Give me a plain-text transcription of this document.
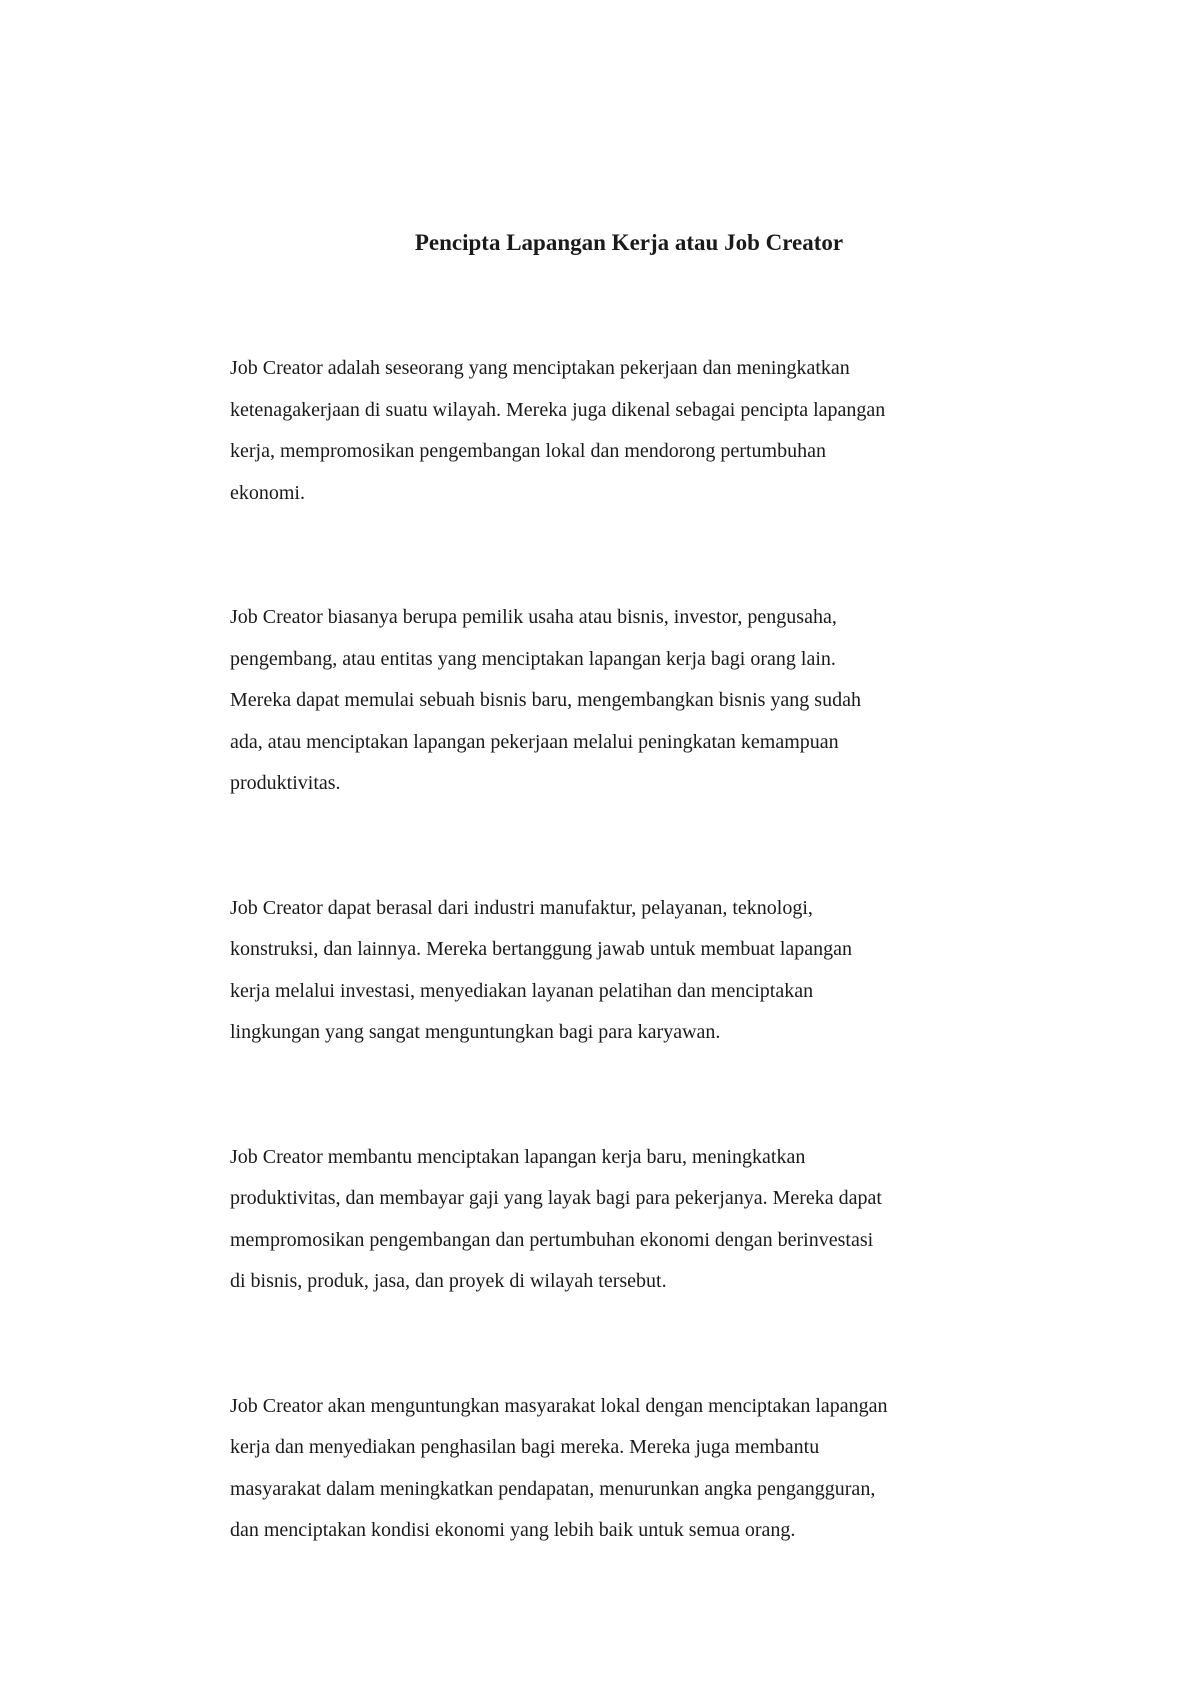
Pencipta Lapangan Kerja atau Job Creator

Job Creator adalah seseorang yang menciptakan pekerjaan dan meningkatkan
ketenagakerjaan di suatu wilayah. Mereka juga dikenal sebagai pencipta lapangan
kerja, mempromosikan pengembangan lokal dan mendorong pertumbuhan
ekonomi.

Job Creator biasanya berupa pemilik usaha atau bisnis, investor, pengusaha,
pengembang, atau entitas yang menciptakan lapangan kerja bagi orang lain.
Mereka dapat memulai sebuah bisnis baru, mengembangkan bisnis yang sudah
ada, atau menciptakan lapangan pekerjaan melalui peningkatan kemampuan
produktivitas.

Job Creator dapat berasal dari industri manufaktur, pelayanan, teknologi,
konstruksi, dan lainnya. Mereka bertanggung jawab untuk membuat lapangan
kerja melalui investasi, menyediakan layanan pelatihan dan menciptakan
lingkungan yang sangat menguntungkan bagi para karyawan.

Job Creator membantu menciptakan lapangan kerja baru, meningkatkan
produktivitas, dan membayar gaji yang layak bagi para pekerjanya. Mereka dapat
mempromosikan pengembangan dan pertumbuhan ekonomi dengan berinvestasi
di bisnis, produk, jasa, dan proyek di wilayah tersebut.

Job Creator akan menguntungkan masyarakat lokal dengan menciptakan lapangan
kerja dan menyediakan penghasilan bagi mereka. Mereka juga membantu
masyarakat dalam meningkatkan pendapatan, menurunkan angka pengangguran,
dan menciptakan kondisi ekonomi yang lebih baik untuk semua orang.
